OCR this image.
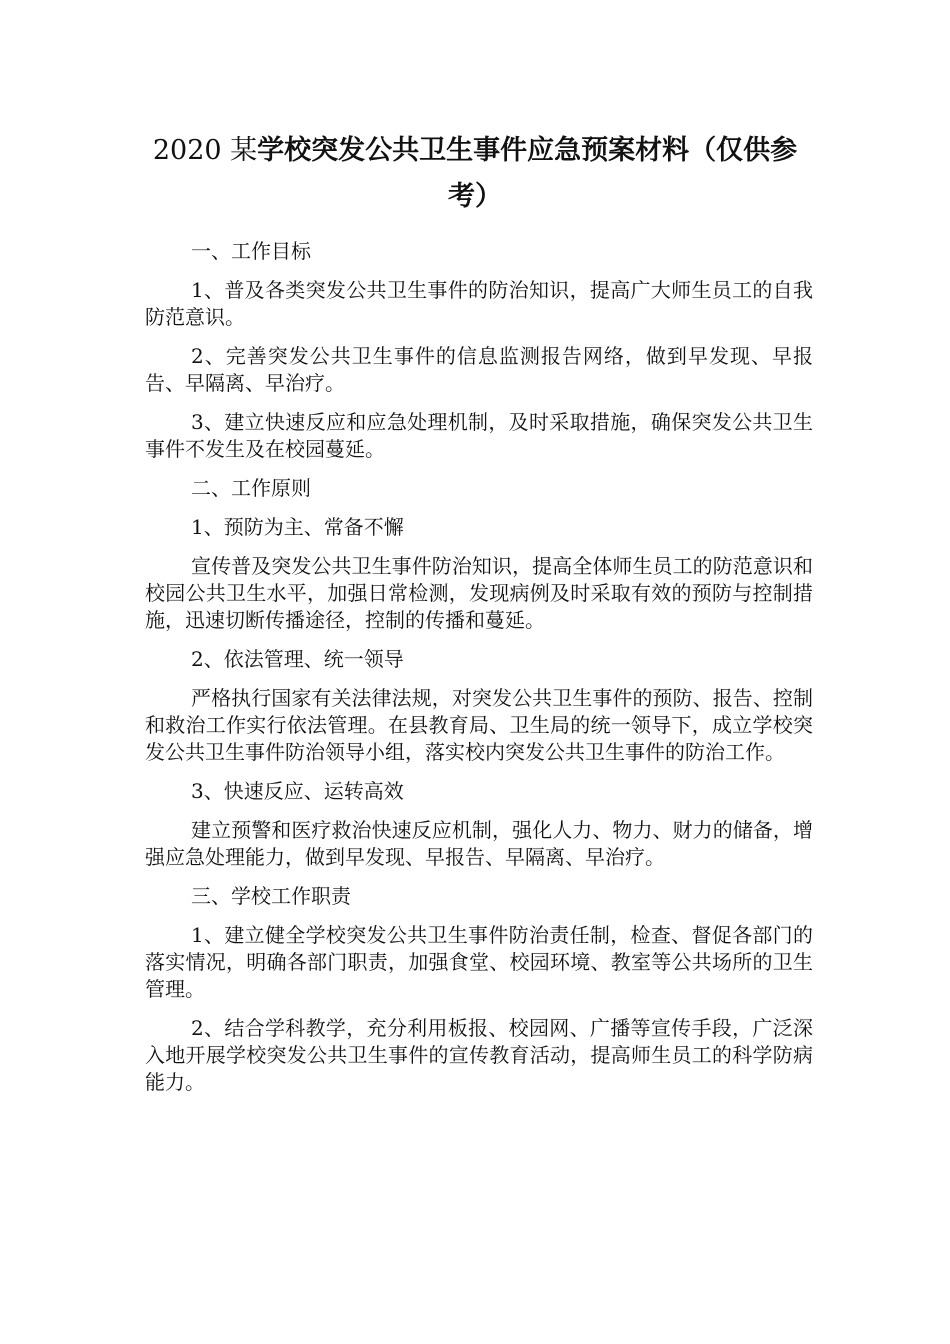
2020 某学校突发公共卫生事件应急预案材料（仅供参
考）

一、工作目标

1、普及各类突发公共卫生事件的防治知识，提高广大师生员工的自我防范意识。

2、完善突发公共卫生事件的信息监测报告网络，做到早发现、早报告、早隔离、早治疗。

3、建立快速反应和应急处理机制，及时采取措施，确保突发公共卫生事件不发生及在校园蔓延。

二、工作原则

1、预防为主、常备不懈

宣传普及突发公共卫生事件防治知识，提高全体师生员工的防范意识和校园公共卫生水平，加强日常检测，发现病例及时采取有效的预防与控制措施，迅速切断传播途径，控制的传播和蔓延。

2、依法管理、统一领导

严格执行国家有关法律法规，对突发公共卫生事件的预防、报告、控制和救治工作实行依法管理。在县教育局、卫生局的统一领导下，成立学校突发公共卫生事件防治领导小组，落实校内突发公共卫生事件的防治工作。

3、快速反应、运转高效

建立预警和医疗救治快速反应机制，强化人力、物力、财力的储备，增强应急处理能力，做到早发现、早报告、早隔离、早治疗。

三、学校工作职责

1、建立健全学校突发公共卫生事件防治责任制，检查、督促各部门的落实情况，明确各部门职责，加强食堂、校园环境、教室等公共场所的卫生管理。

2、结合学科教学，充分利用板报、校园网、广播等宣传手段，广泛深入地开展学校突发公共卫生事件的宣传教育活动，提高师生员工的科学防病能力。
